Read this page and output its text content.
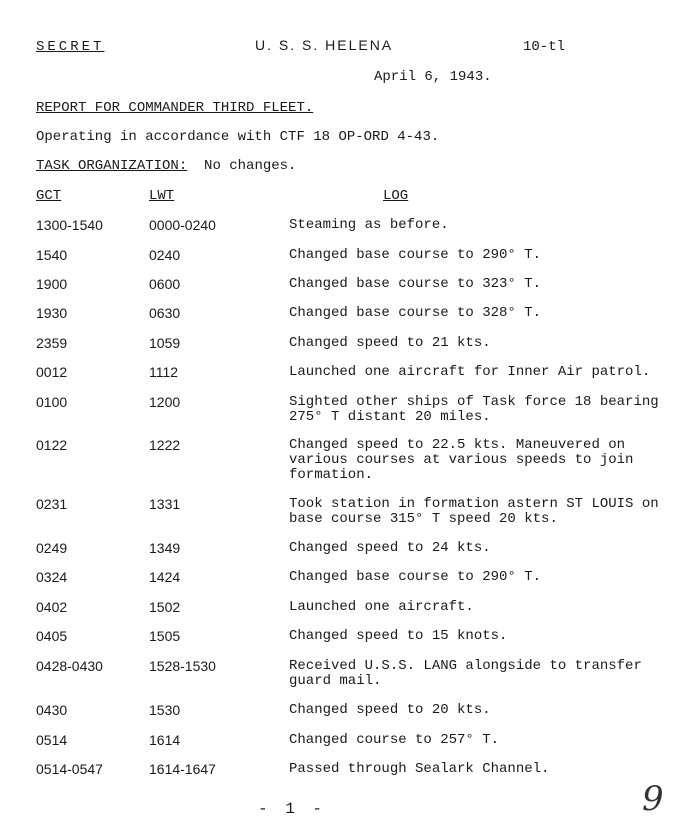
SECRET	U. S. S. HELENA	10-tl
April 6, 1943.
REPORT FOR COMMANDER THIRD FLEET.
Operating in accordance with CTF 18 OP-ORD 4-43.
TASK ORGANIZATION: No changes.
GCT	LWT	LOG
1300-1540	0000-0240	Steaming as before.
1540	0240	Changed base course to 290° T.
1900	0600	Changed base course to 323° T.
1930	0630	Changed base course to 328° T.
2359	1059	Changed speed to 21 kts.
0012	1112	Launched one aircraft for Inner Air patrol.
0100	1200	Sighted other ships of Task force 18 bearing 275° T distant 20 miles.
0122	1222	Changed speed to 22.5 kts. Maneuvered on various courses at various speeds to join formation.
0231	1331	Took station in formation astern ST LOUIS on base course 315° T speed 20 kts.
0249	1349	Changed speed to 24 kts.
0324	1424	Changed base course to 290° T.
0402	1502	Launched one aircraft.
0405	1505	Changed speed to 15 knots.
0428-0430	1528-1530	Received U.S.S. LANG alongside to transfer guard mail.
0430	1530	Changed speed to 20 kts.
0514	1614	Changed course to 257° T.
0514-0547	1614-1647	Passed through Sealark Channel.
- 1 -	9
